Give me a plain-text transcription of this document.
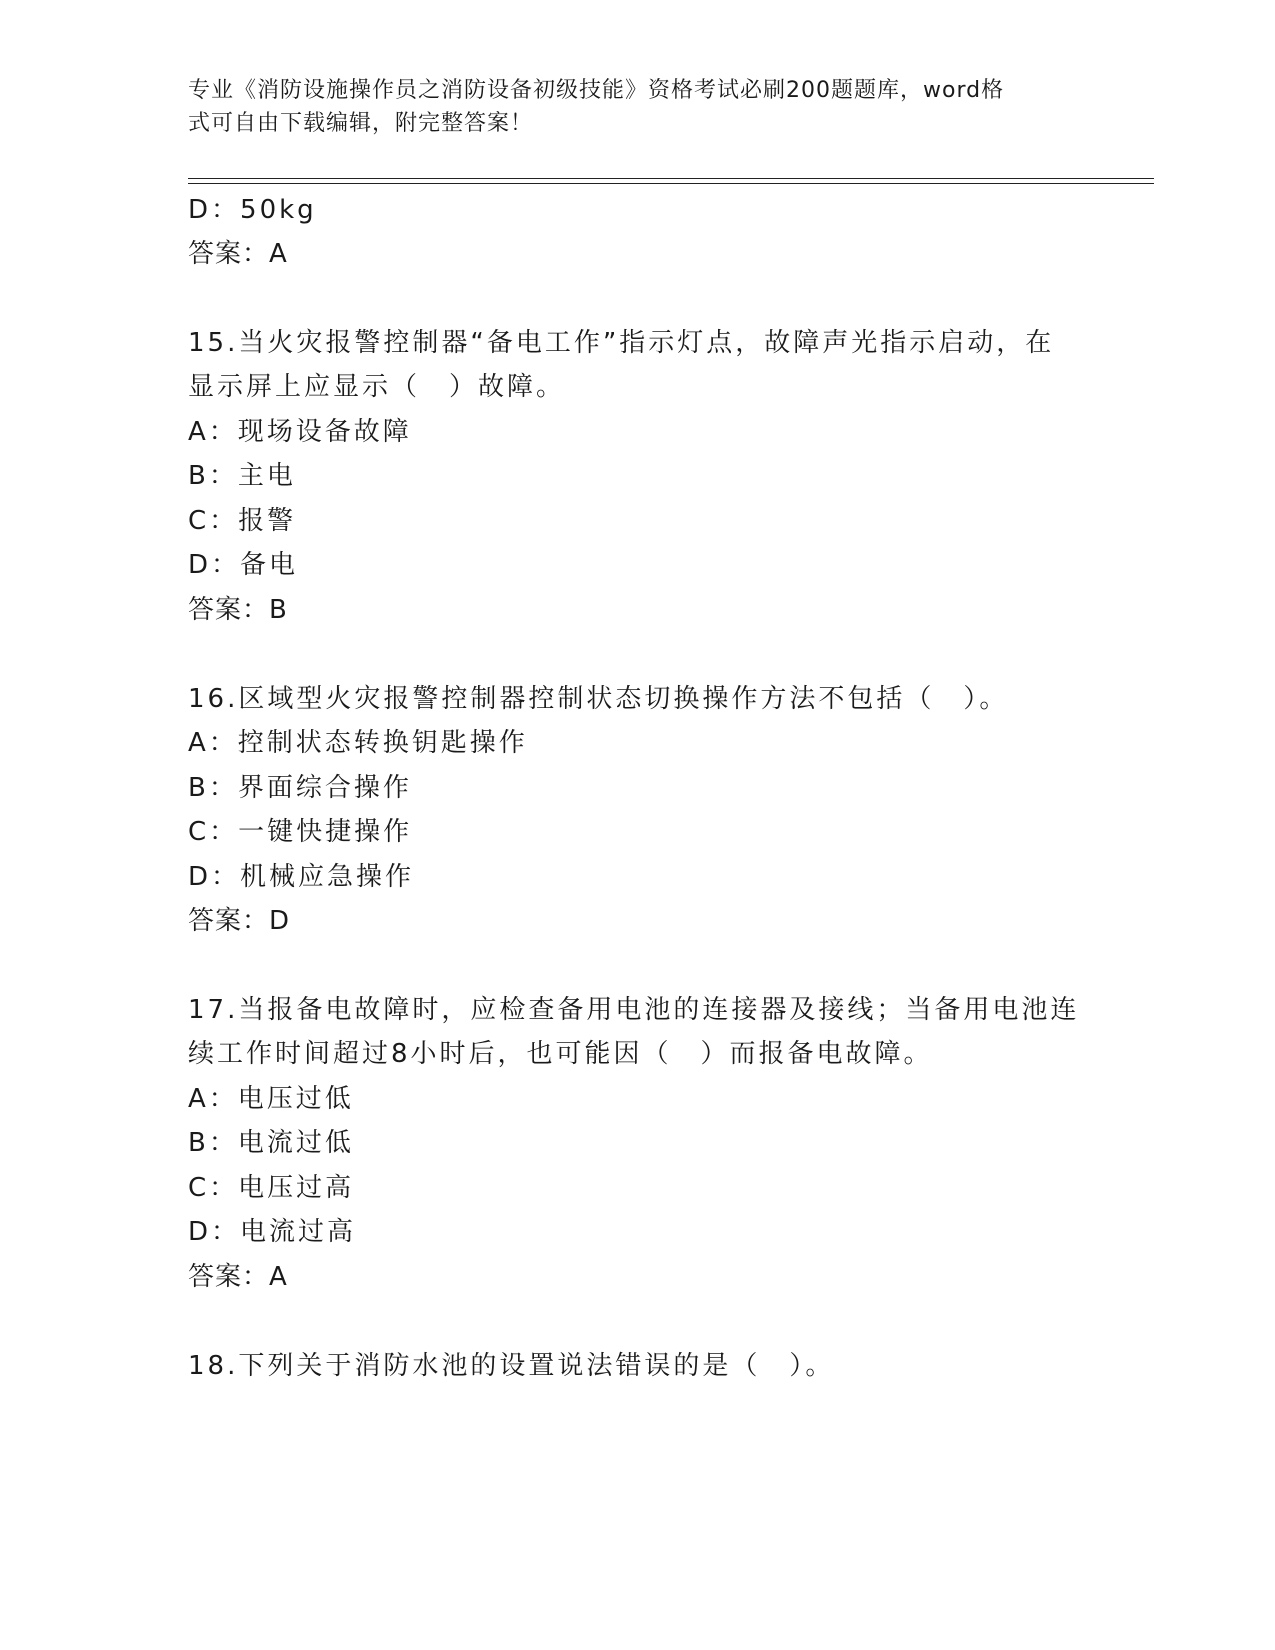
专业《消防设施操作员之消防设备初级技能》资格考试必刷200题题库，word格
式可自由下载编辑，附完整答案！
D：50kg
答案：A
15.当火灾报警控制器“备电工作”指示灯点，故障声光指示启动，在
显示屏上应显示（　）故障。
A：现场设备故障
B：主电
C：报警
D：备电
答案：B
16.区域型火灾报警控制器控制状态切换操作方法不包括（　）。
A：控制状态转换钥匙操作
B：界面综合操作
C：一键快捷操作
D：机械应急操作
答案：D
17.当报备电故障时，应检查备用电池的连接器及接线；当备用电池连
续工作时间超过8小时后，也可能因（　）而报备电故障。
A：电压过低
B：电流过低
C：电压过高
D：电流过高
答案：A
18.下列关于消防水池的设置说法错误的是（　）。
